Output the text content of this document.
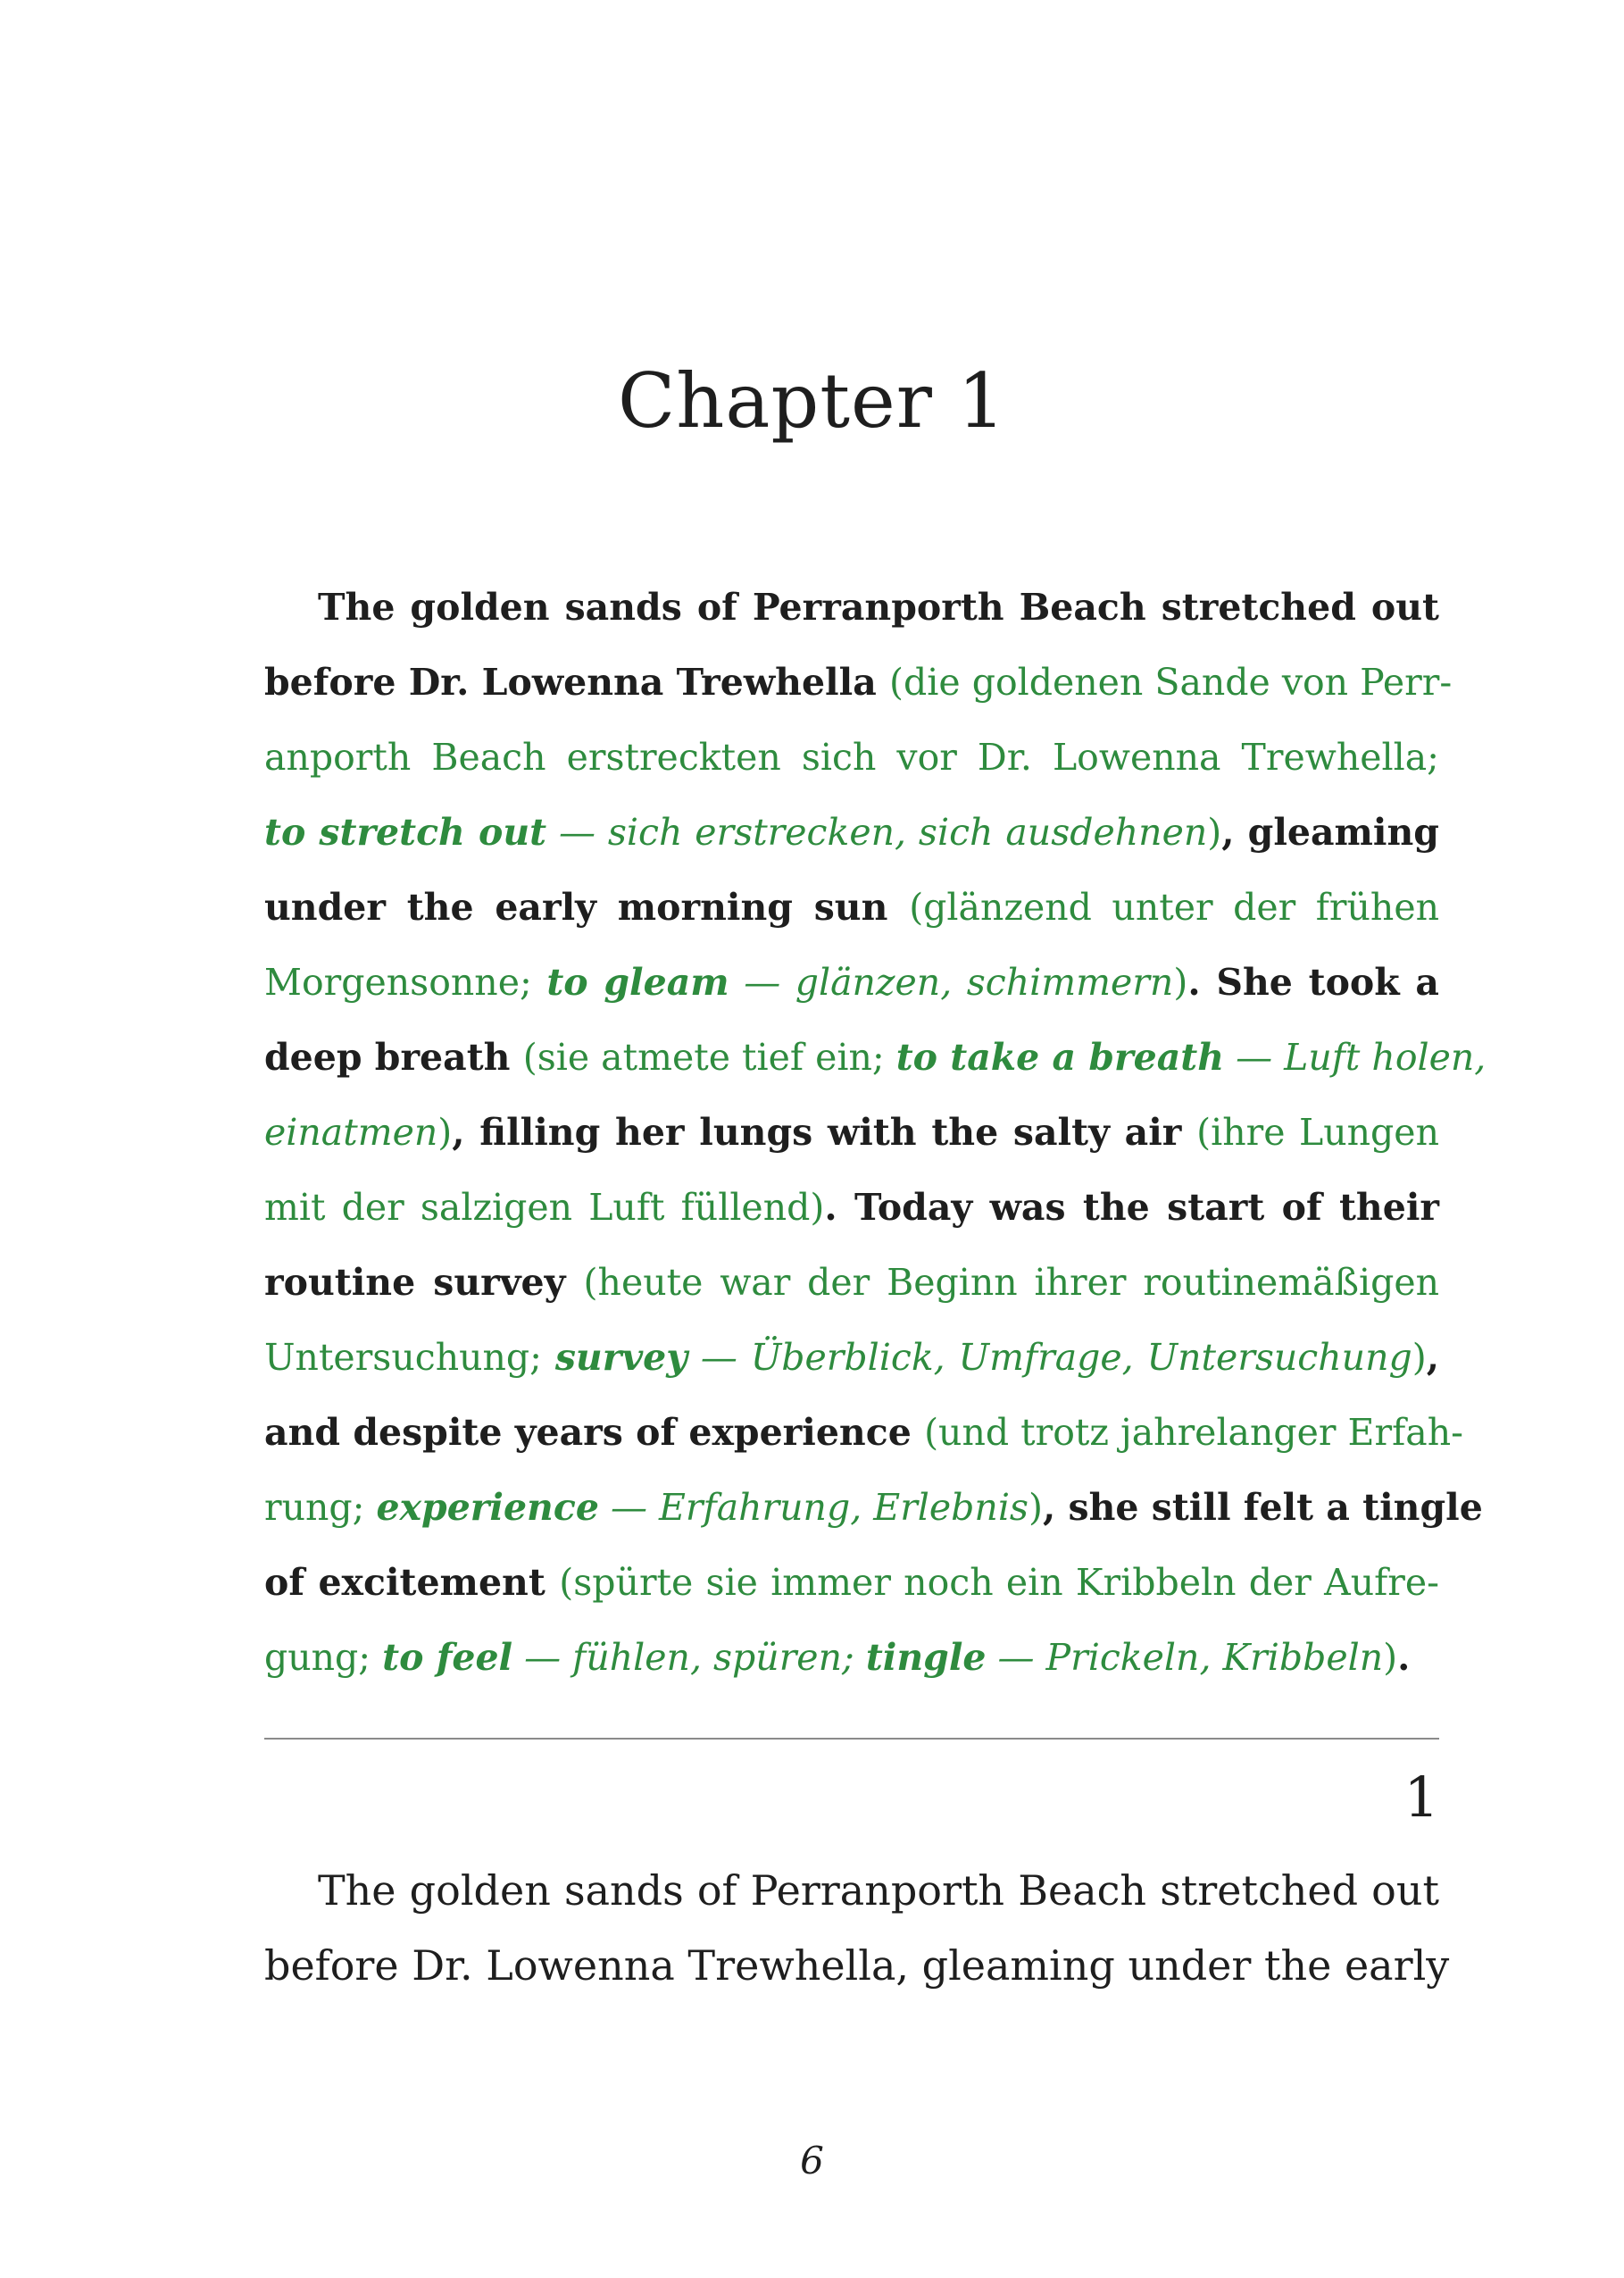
Chapter 1
The golden sands of Perranporth Beach stretched out
before Dr. Lowenna Trewhella (die goldenen Sande von Perr-
anporth Beach erstreckten sich vor Dr. Lowenna Trewhella;
to stretch out — sich erstrecken, sich ausdehnen), gleaming
under the early morning sun (glänzend unter der frühen
Morgensonne; to gleam — glänzen, schimmern). She took a
deep breath (sie atmete tief ein; to take a breath — Luft holen,
einatmen), filling her lungs with the salty air (ihre Lungen
mit der salzigen Luft füllend). Today was the start of their
routine survey (heute war der Beginn ihrer routinemäßigen
Untersuchung; survey — Überblick, Umfrage, Untersuchung),
and despite years of experience (und trotz jahrelanger Erfah-
rung; experience — Erfahrung, Erlebnis), she still felt a tingle
of excitement (spürte sie immer noch ein Kribbeln der Aufre-
gung; to feel — fühlen, spüren; tingle — Prickeln, Kribbeln).
1
The golden sands of Perranporth Beach stretched out
before Dr. Lowenna Trewhella, gleaming under the early
6
